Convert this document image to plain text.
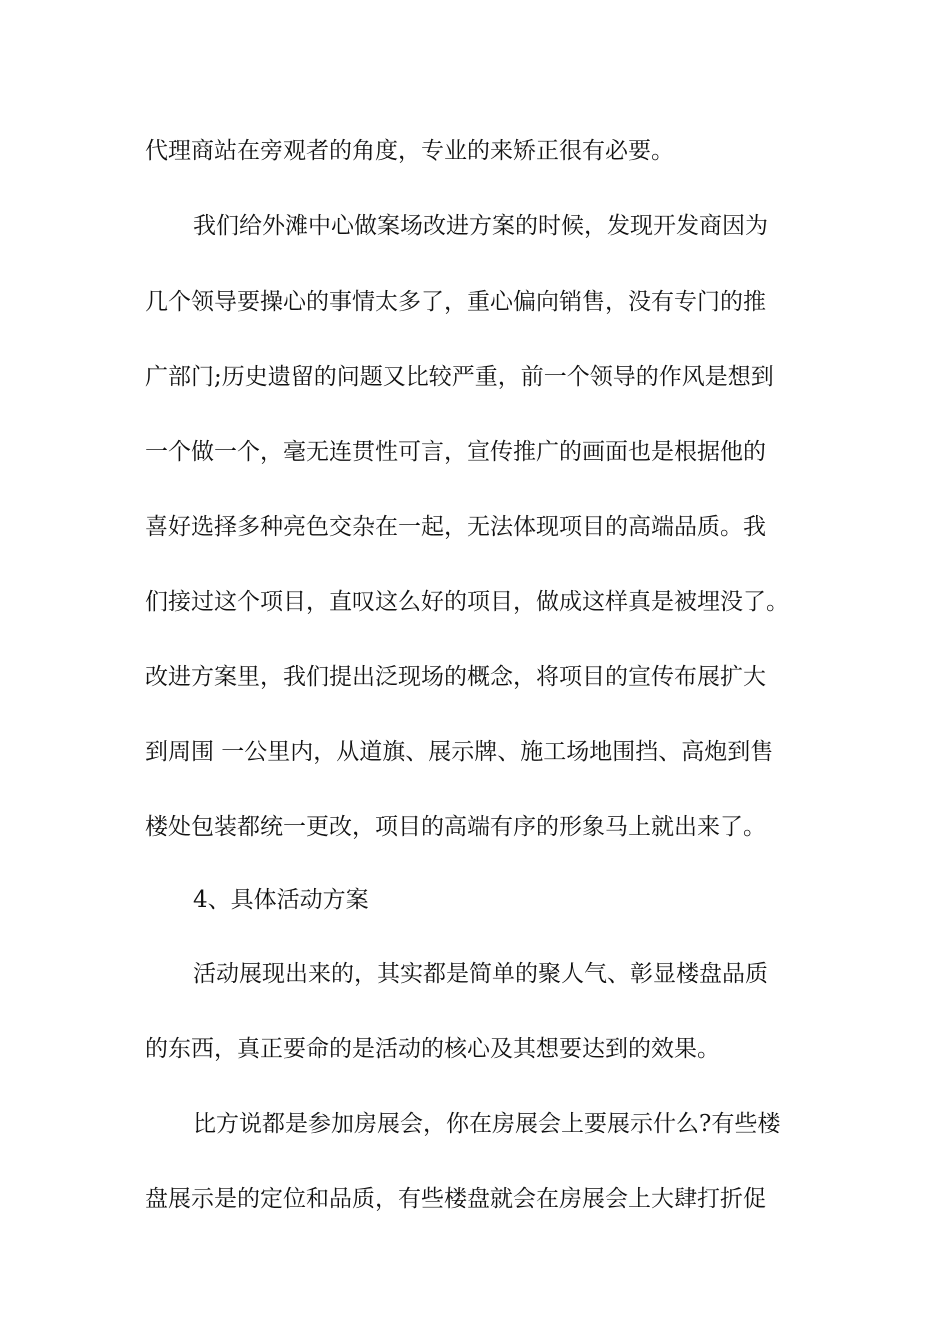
代理商站在旁观者的角度，专业的来矫正很有必要。
我们给外滩中心做案场改进方案的时候，发现开发商因为
几个领导要操心的事情太多了，重心偏向销售，没有专门的推
广部门;历史遗留的问题又比较严重，前一个领导的作风是想到
一个做一个，毫无连贯性可言，宣传推广的画面也是根据他的
喜好选择多种亮色交杂在一起，无法体现项目的高端品质。我
们接过这个项目，直叹这么好的项目，做成这样真是被埋没了。
改进方案里，我们提出泛现场的概念，将项目的宣传布展扩大
到周围 一公里内，从道旗、展示牌、施工场地围挡、高炮到售
楼处包装都统一更改，项目的高端有序的形象马上就出来了。
4、具体活动方案
活动展现出来的，其实都是简单的聚人气、彰显楼盘品质
的东西，真正要命的是活动的核心及其想要达到的效果。
比方说都是参加房展会，你在房展会上要展示什么?有些楼
盘展示是的定位和品质，有些楼盘就会在房展会上大肆打折促
